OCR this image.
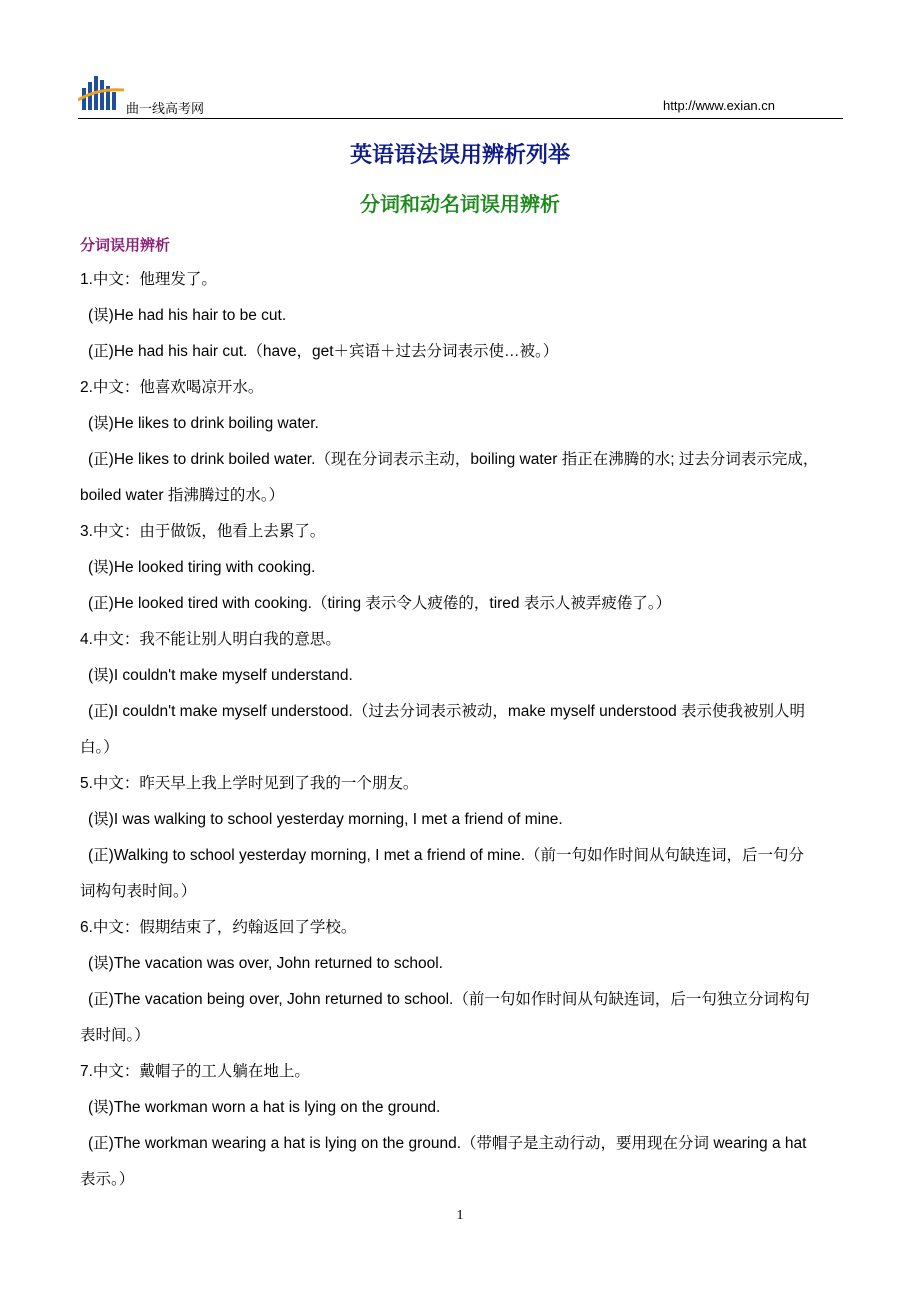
曲一线高考网	http://www.exian.cn
英语语法误用辨析列举
分词和动名词误用辨析
分词误用辨析
1.中文：他理发了。
(误)He had his hair to be cut.
(正)He had his hair cut.（have，get＋宾语＋过去分词表示使…被。）
2.中文：他喜欢喝凉开水。
(误)He likes to drink boiling water.
(正)He likes to drink boiled water.（现在分词表示主动，boiling water 指正在沸腾的水; 过去分词表示完成，
boiled water 指沸腾过的水。）
3.中文：由于做饭，他看上去累了。
(误)He looked tiring with cooking.
(正)He looked tired with cooking.（tiring 表示令人疲倦的，tired 表示人被弄疲倦了。）
4.中文：我不能让别人明白我的意思。
(误)I couldn't make myself understand.
(正)I couldn't make myself understood.（过去分词表示被动，make myself understood 表示使我被别人明
白。）
5.中文：昨天早上我上学时见到了我的一个朋友。
(误)I was walking to school yesterday morning, I met a friend of mine.
(正)Walking to school yesterday morning, I met a friend of mine.（前一句如作时间从句缺连词，后一句分
词构句表时间。）
6.中文：假期结束了，约翰返回了学校。
(误)The vacation was over, John returned to school.
(正)The vacation being over, John returned to school.（前一句如作时间从句缺连词，后一句独立分词构句
表时间。）
7.中文：戴帽子的工人躺在地上。
(误)The workman worn a hat is lying on the ground.
(正)The workman wearing a hat is lying on the ground.（带帽子是主动行动，要用现在分词 wearing a hat
表示。）
1
